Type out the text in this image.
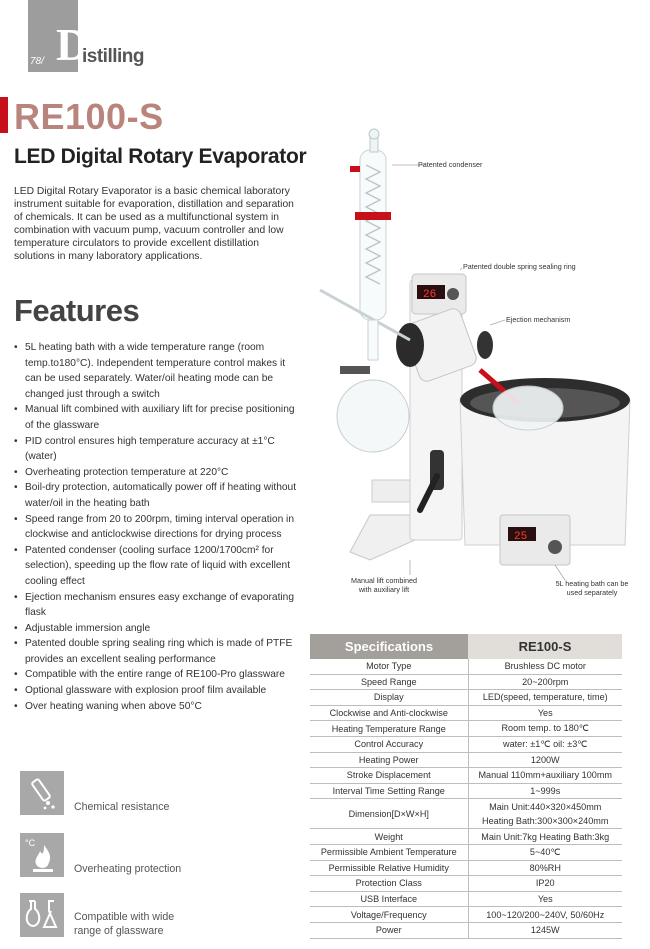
78/ D
istilling
RE100-S
LED Digital Rotary Evaporator
LED Digital Rotary Evaporator is a basic chemical laboratory instrument suitable for evaporation, distillation and separation of chemicals. It can be used as a multifunctional system in combination with vacuum pump, vacuum controller and low temperature circulators to provide excellent distillation solutions in many laboratory applications.
Features
• 5L heating bath with a wide temperature range (room temp.to180°C). Independent temperature control makes it can be used separately. Water/oil heating mode can be changed just through a switch
• Manual lift combined with auxiliary lift for precise positioning of the glassware
• PID control ensures high temperature accuracy at ±1°C (water)
• Overheating protection temperature at 220°C
• Boil-dry protection, automatically power off if heating without water/oil in the heating bath
• Speed range from 20 to 200rpm, timing interval operation in clockwise and anticlockwise directions for drying process
• Patented condenser (cooling surface 1200/1700cm² for selection), speeding up the flow rate of liquid with excellent cooling effect
• Ejection mechanism ensures easy exchange of evaporating flask
• Adjustable immersion angle
• Patented double spring sealing ring which is made of PTFE provides an excellent sealing performance
• Compatible with the entire range of RE100-Pro glassware
• Optional glassware with explosion proof film available
• Over heating waning when above 50°C
Chemical resistance
°C
Overheating protection
Compatible with wide range of glassware
26
25
Patented condenser
Patented double spring sealing ring
Ejection mechanism
Manual lift combined with auxiliary lift
5L heating bath can be used separately
Specifications	RE100-S
Motor Type	Brushless DC motor
Speed Range	20~200rpm
Display	LED(speed, temperature, time)
Clockwise and Anti-clockwise	Yes
Heating Temperature Range	Room temp. to 180℃
Control Accuracy	water: ±1℃ oil: ±3℃
Heating Power	1200W
Stroke Displacement	Manual 110mm+auxiliary 100mm
Interval Time Setting Range	1~999s
Dimension[D×W×H]	Main Unit:440×320×450mm
Heating Bath:300×300×240mm

Weight	Main Unit:7kg Heating Bath:3kg
Permissible Ambient Temperature	5~40℃
Permissible Relative Humidity	80%RH
Protection Class	IP20
USB Interface	Yes
Voltage/Frequency	100~120/200~240V, 50/60Hz
Power	1245W
